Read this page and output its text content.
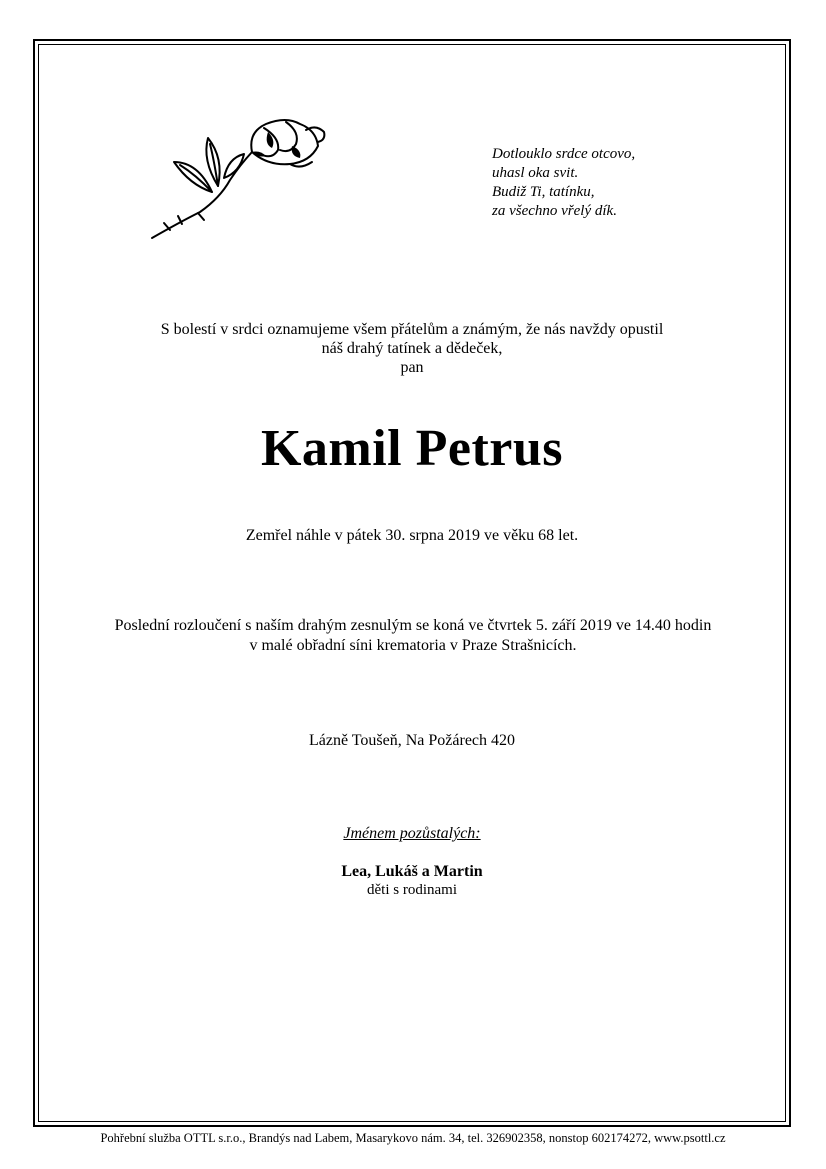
Dotlouklo srdce otcovo,
uhasl oka svit.
Budiž Ti, tatínku,
za všechno vřelý dík.
S bolestí v srdci oznamujeme všem přátelům a známým, že nás navždy opustil
náš drahý tatínek a dědeček,
pan
Kamil Petrus
Zemřel náhle v pátek 30. srpna 2019 ve věku 68 let.
Poslední rozloučení s naším drahým zesnulým se koná ve čtvrtek 5. září 2019 ve 14.40 hodin
v malé obřadní síni krematoria v Praze Strašnicích.
Lázně Toušeň, Na Požárech 420
Jménem pozůstalých:
Lea, Lukáš a Martin
děti s rodinami
Pohřební služba OTTL s.r.o., Brandýs nad Labem, Masarykovo nám. 34, tel. 326902358, nonstop 602174272, www.psottl.cz
